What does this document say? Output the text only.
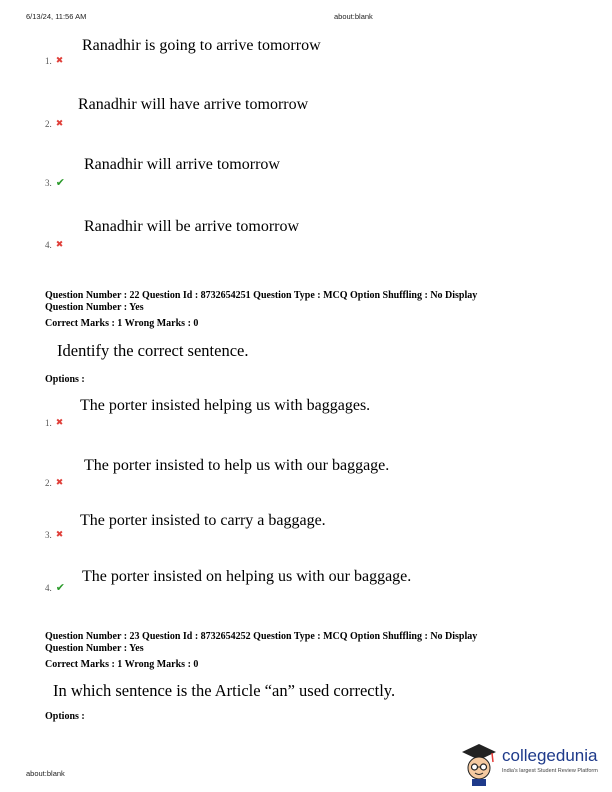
6/13/24, 11:56 AM	about:blank
Ranadhir is going to arrive tomorrow
1. ✖
Ranadhir will have arrive tomorrow
2. ✖
Ranadhir will arrive tomorrow
3. ✔
Ranadhir will be arrive tomorrow
4. ✖
Question Number : 22 Question Id : 8732654251 Question Type : MCQ Option Shuffling : No Display
Question Number : Yes
Correct Marks : 1 Wrong Marks : 0
Identify the correct sentence.
Options :
The porter insisted helping us with baggages.
1. ✖
The porter insisted to help us with our baggage.
2. ✖
The porter insisted to carry a baggage.
3. ✖
The porter insisted on helping us with our baggage.
4. ✔
Question Number : 23 Question Id : 8732654252 Question Type : MCQ Option Shuffling : No Display
Question Number : Yes
Correct Marks : 1 Wrong Marks : 0
In which sentence is the Article “an” used correctly.
Options :
about:blank
collegedunia
India's largest Student Review Platform
